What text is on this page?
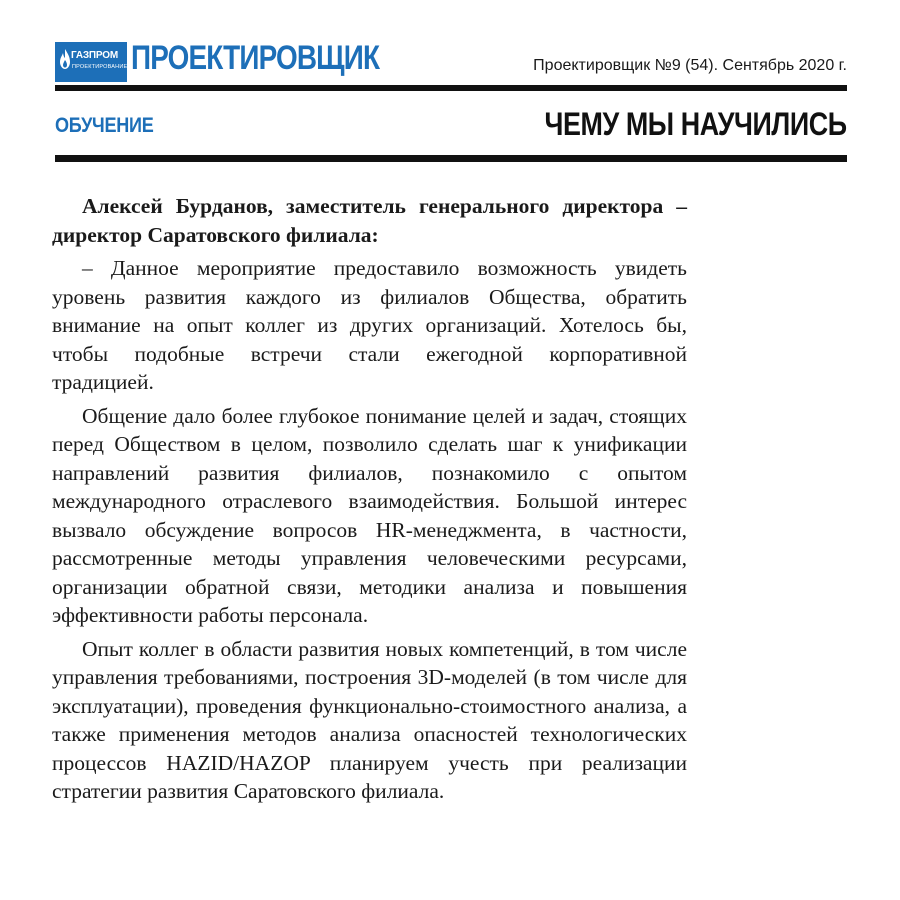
ГАЗПРОМ
ПРОЕКТИРОВАНИЕ ПРОЕКТИРОВЩИК	Проектировщик №9 (54). Сентябрь 2020 г.
ОБУЧЕНИЕ	ЧЕМУ МЫ НАУЧИЛИСЬ

Алексей Бурданов, заместитель генерального директора – директор Саратовского филиала:

– Данное мероприятие предоставило возможность увидеть уровень развития каждого из филиалов Общества, обратить внимание на опыт коллег из других организаций. Хотелось бы, чтобы подобные встречи стали ежегодной корпоративной традицией.

Общение дало более глубокое понимание целей и задач, стоящих перед Обществом в целом, позволило сделать шаг к унификации направлений развития филиалов, познакомило с опытом международного отраслевого взаимодействия. Большой интерес вызвало обсуждение вопросов HR-менеджмента, в частности, рассмотренные методы управления человеческими ресурсами, организации обратной связи, методики анализа и повышения эффективности работы персонала.

Опыт коллег в области развития новых компетенций, в том числе управления требованиями, построения 3D-моделей (в том числе для эксплуатации), проведения функционально-стоимостного анализа, а также применения методов анализа опасностей технологических процессов HAZID/HAZOP планируем учесть при реализации стратегии развития Саратовского филиала.
